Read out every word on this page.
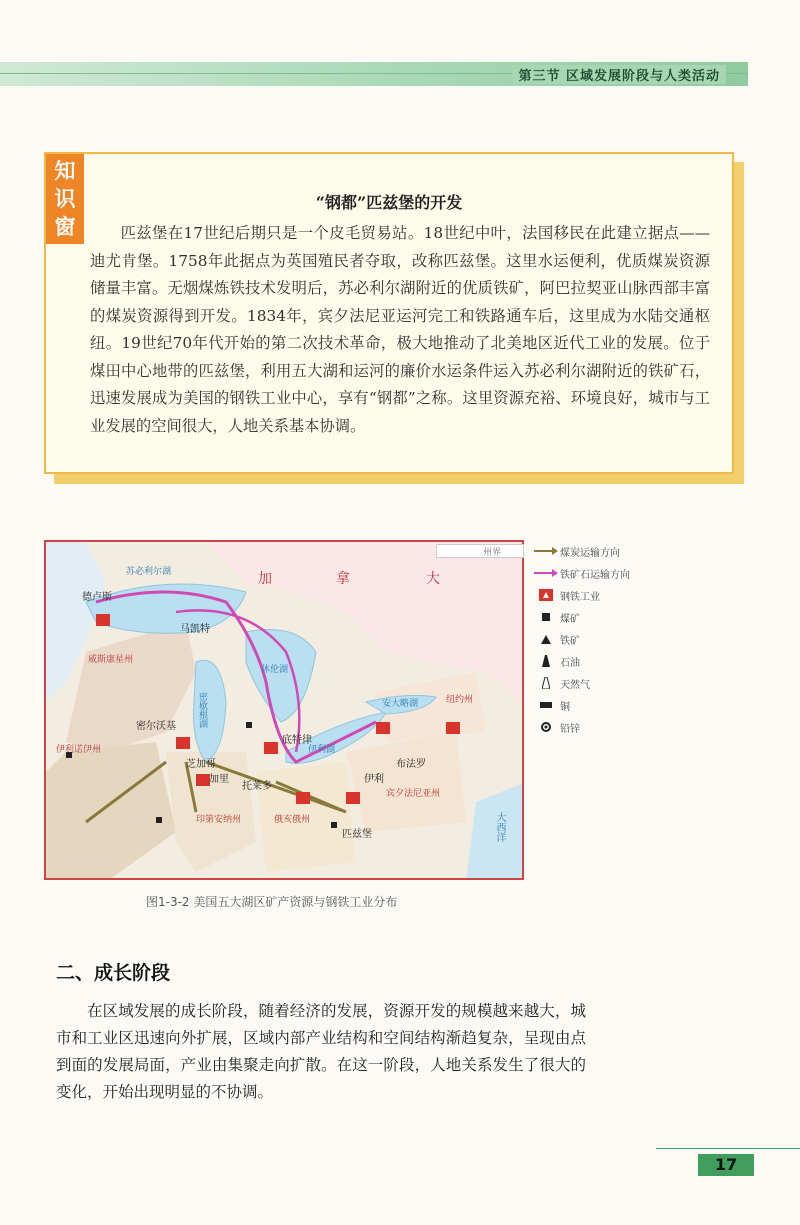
第三节 区域发展阶段与人类活动
知识窗
“钢都”匹兹堡的开发
匹兹堡在17世纪后期只是一个皮毛贸易站。18世纪中叶，法国移民在此建立据点——迪尤肯堡。1758年此据点为英国殖民者夺取，改称匹兹堡。这里水运便利，优质煤炭资源储量丰富。无烟煤炼铁技术发明后，苏必利尔湖附近的优质铁矿，阿巴拉契亚山脉西部丰富的煤炭资源得到开发。1834年，宾夕法尼亚运河完工和铁路通车后，这里成为水陆交通枢纽。19世纪70年代开始的第二次技术革命，极大地推动了北美地区近代工业的发展。位于煤田中心地带的匹兹堡，利用五大湖和运河的廉价水运条件运入苏必利尔湖附近的铁矿石，迅速发展成为美国的钢铁工业中心，享有“钢都”之称。这里资源充裕、环境良好，城市与工业发展的空间很大，人地关系基本协调。
德卢斯
马凯特
密尔沃基
芝加哥
加里
托莱多
底特律
布法罗
伊利
匹兹堡
加	拿	大
苏必利尔湖
密歇根湖
休伦湖
伊利湖
安大略湖
威斯康星州
伊利诺伊州
印第安纳州	俄亥俄州
宾夕法尼亚州
纽约州
大西洋
州界	煤炭运输方向
铁矿石运输方向
钢铁工业
煤矿
铁矿
石油
天然气
铜
铅锌
图1-3-2 美国五大湖区矿产资源与钢铁工业分布
二、成长阶段
在区域发展的成长阶段，随着经济的发展，资源开发的规模越来越大，城市和工业区迅速向外扩展，区域内部产业结构和空间结构渐趋复杂，呈现由点到面的发展局面，产业由集聚走向扩散。在这一阶段，人地关系发生了很大的变化，开始出现明显的不协调。
17
